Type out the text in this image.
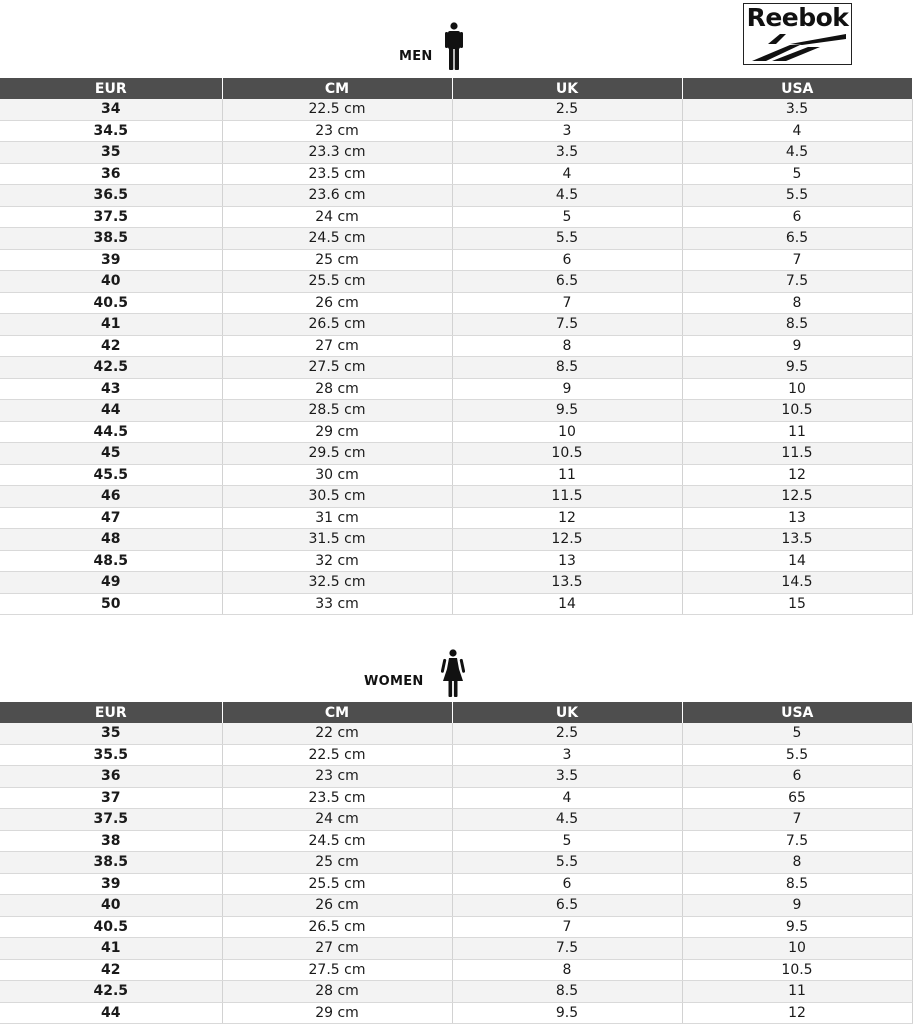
Reebok
MEN
EUR	CM	UK	USA
34	22.5 cm	2.5	3.5
34.5	23 cm	3	4
35	23.3 cm	3.5	4.5
36	23.5 cm	4	5
36.5	23.6 cm	4.5	5.5
37.5	24 cm	5	6
38.5	24.5 cm	5.5	6.5
39	25 cm	6	7
40	25.5 cm	6.5	7.5
40.5	26 cm	7	8
41	26.5 cm	7.5	8.5
42	27 cm	8	9
42.5	27.5 cm	8.5	9.5
43	28 cm	9	10
44	28.5 cm	9.5	10.5
44.5	29 cm	10	11
45	29.5 cm	10.5	11.5
45.5	30 cm	11	12
46	30.5 cm	11.5	12.5
47	31 cm	12	13
48	31.5 cm	12.5	13.5
48.5	32 cm	13	14
49	32.5 cm	13.5	14.5
50	33 cm	14	15
WOMEN
EUR	CM	UK	USA
35	22 cm	2.5	5
35.5	22.5 cm	3	5.5
36	23 cm	3.5	6
37	23.5 cm	4	65
37.5	24 cm	4.5	7
38	24.5 cm	5	7.5
38.5	25 cm	5.5	8
39	25.5 cm	6	8.5
40	26 cm	6.5	9
40.5	26.5 cm	7	9.5
41	27 cm	7.5	10
42	27.5 cm	8	10.5
42.5	28 cm	8.5	11
44	29 cm	9.5	12
